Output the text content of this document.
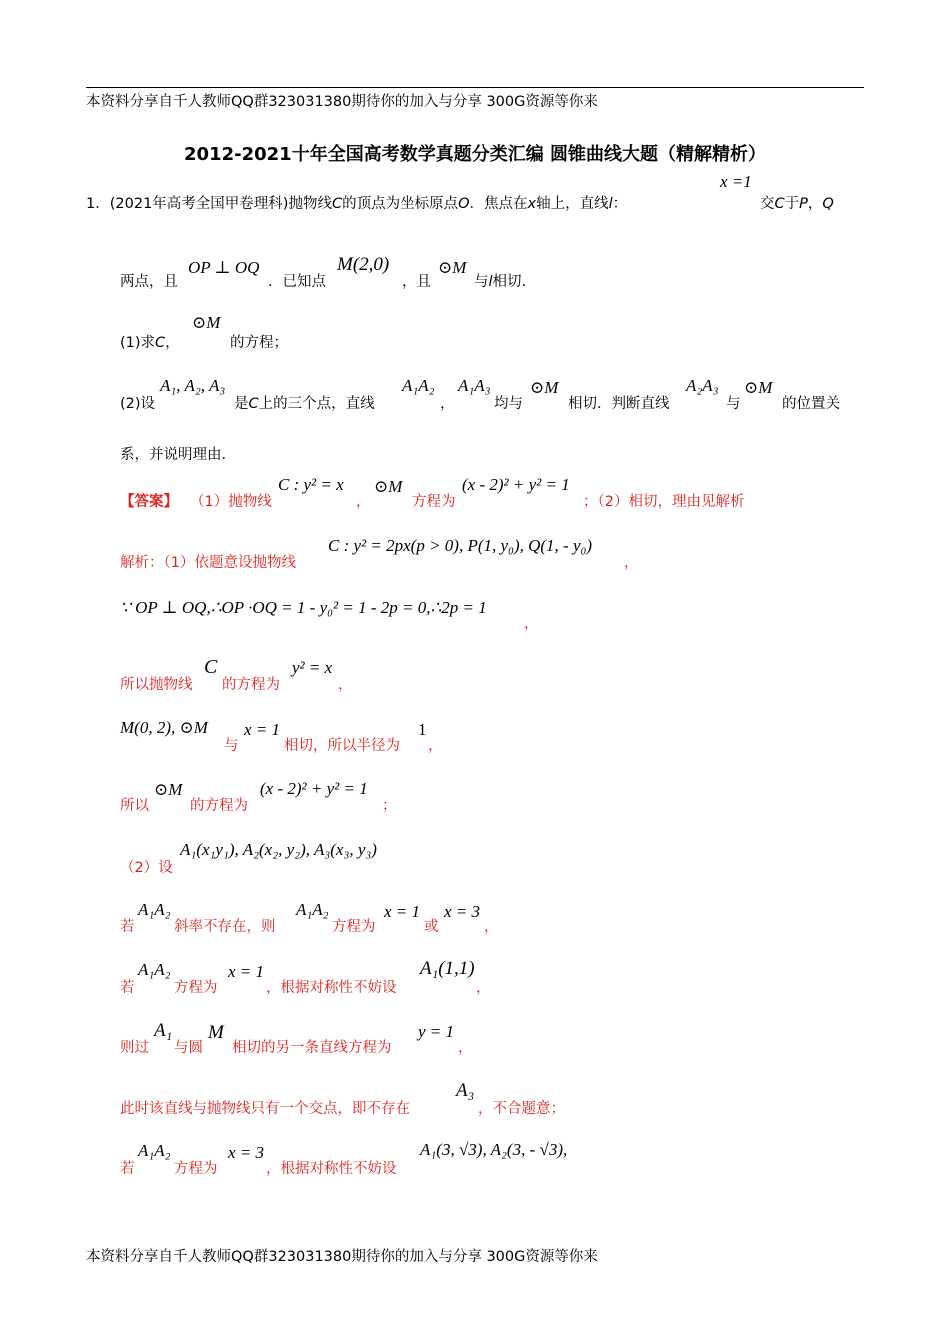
本资料分享自千人教师QQ群323031380期待你的加入与分享 300G资源等你来
2012-2021十年全国高考数学真题分类汇编 圆锥曲线大题（精解精析）
1．(2021年高考全国甲卷理科)抛物线C的顶点为坐标原点O．焦点在x轴上，直线l：
x =1
交C于P，Q
两点，且
OP ⊥ OQ
．已知点
M(2,0)
，且
⊙M
与l相切.
(1)求C，
⊙M
的方程；
(2)设
A₁, A₂, A₃
是C上的三个点，直线
A₁A₂
，
A₁A₃
均与
⊙M
相切．判断直线
A₂A₃
与
⊙M
的位置关
系，并说明理由．
【答案】 （1）抛物线
C : y² = x
，
⊙M
方程为
(x - 2)² + y² = 1
；（2）相切，理由见解析
解析：（1）依题意设抛物线
C : y² = 2px(p > 0), P(1, y₀), Q(1, - y₀)
，
∵ OP ⊥ OQ,∴OP ·OQ = 1 - y₀² = 1 - 2p = 0,∴2p = 1
，
所以抛物线
C
的方程为
y² = x
，
M(0, 2), ⊙M
与
x = 1
相切，所以半径为
1
，
所以
⊙M
的方程为
(x - 2)² + y² = 1
；
（2）设
A₁(x₁y₁), A₂(x₂, y₂), A₃(x₃, y₃)
若
A₁A₂
斜率不存在，则
A₁A₂
方程为
x = 1
或
x = 3
，
若
A₁A₂
方程为
x = 1
，根据对称性不妨设
A₁(1,1)
，
则过
A₁
与圆
M
相切的另一条直线方程为
y = 1
，
此时该直线与抛物线只有一个交点，即不存在
A₃
，不合题意；
若
A₁A₂
方程为
x = 3
，根据对称性不妨设
A₁(3, √3), A₂(3, - √3),
本资料分享自千人教师QQ群323031380期待你的加入与分享 300G资源等你来
